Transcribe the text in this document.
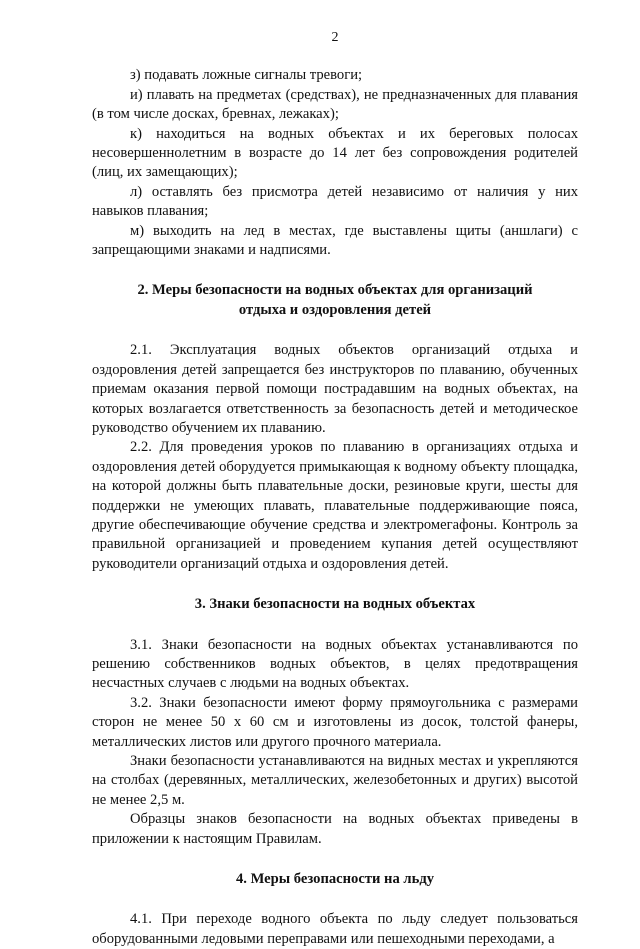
2

з) подавать ложные сигналы тревоги;

и) плавать на предметах (средствах), не предназначенных для плавания (в том числе досках, бревнах, лежаках);

к) находиться на водных объектах и их береговых полосах несовершеннолетним в возрасте до 14 лет без сопровождения родителей (лиц, их замещающих);

л) оставлять без присмотра детей независимо от наличия у них навыков плавания;

м) выходить на лед в местах, где выставлены щиты (аншлаги) с запрещающими знаками и надписями.

2. Меры безопасности на водных объектах для организаций
отдыха и оздоровления детей

2.1. Эксплуатация водных объектов организаций отдыха и оздоровления детей запрещается без инструкторов по плаванию, обученных приемам оказания первой помощи пострадавшим на водных объектах, на которых возлагается ответственность за безопасность детей и методическое руководство обучением их плаванию.

2.2. Для проведения уроков по плаванию в организациях отдыха и оздоровления детей оборудуется примыкающая к водному объекту площадка, на которой должны быть плавательные доски, резиновые круги, шесты для поддержки не умеющих плавать, плавательные поддерживающие пояса, другие обеспечивающие обучение средства и электромегафоны. Контроль за правильной организацией и проведением купания детей осуществляют руководители организаций отдыха и оздоровления детей.

3. Знаки безопасности на водных объектах

3.1. Знаки безопасности на водных объектах устанавливаются по решению собственников водных объектов, в целях предотвращения несчастных случаев с людьми на водных объектах.

3.2. Знаки безопасности имеют форму прямоугольника с размерами сторон не менее 50 x 60 см и изготовлены из досок, толстой фанеры, металлических листов или другого прочного материала.

Знаки безопасности устанавливаются на видных местах и укрепляются на столбах (деревянных, металлических, железобетонных и других) высотой не менее 2,5 м.

Образцы знаков безопасности на водных объектах приведены в приложении к настоящим Правилам.

4. Меры безопасности на льду

4.1. При переходе водного объекта по льду следует пользоваться оборудованными ледовыми переправами или пешеходными переходами, а
